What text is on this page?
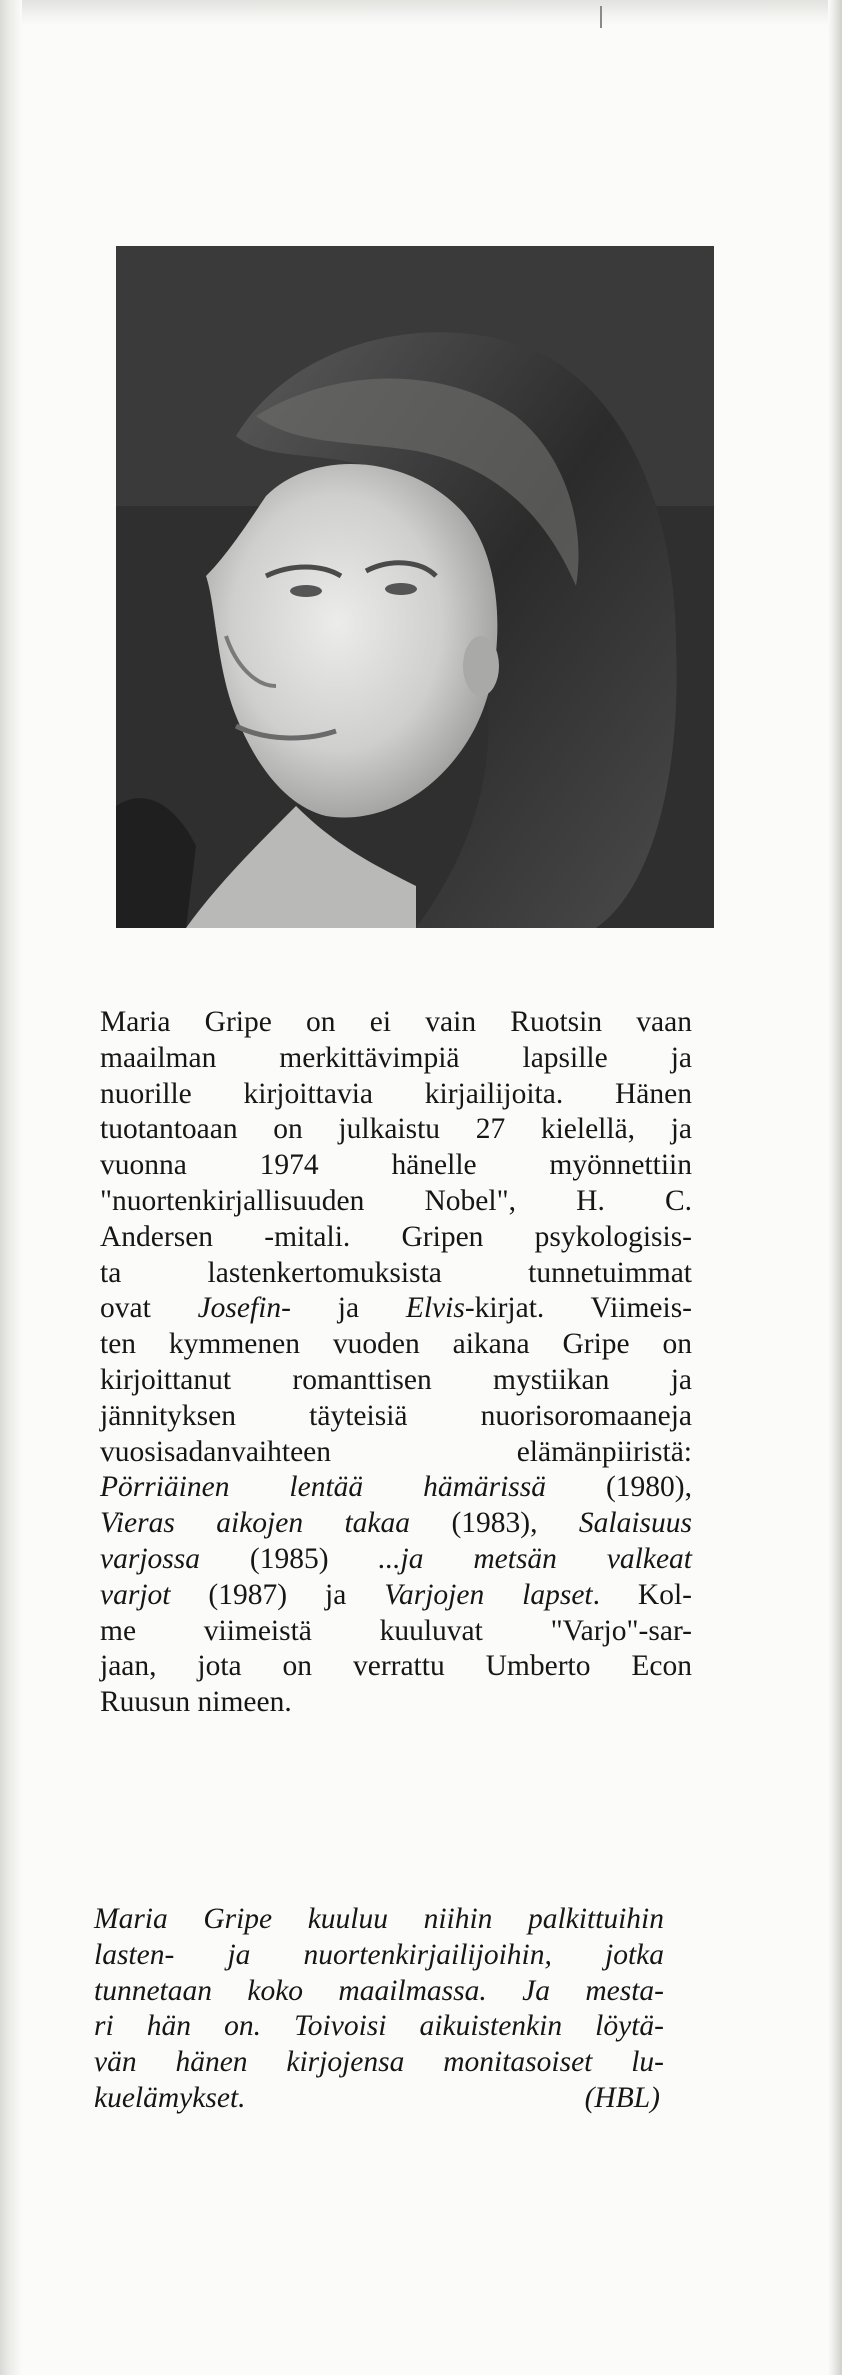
Maria Gripe on ei vain Ruotsin vaan
maailman merkittävimpiä lapsille ja
nuorille kirjoittavia kirjailijoita. Hänen
tuotantoaan on julkaistu 27 kielellä, ja
vuonna 1974 hänelle myönnettiin
"nuortenkirjallisuuden Nobel", H. C.
Andersen -mitali. Gripen psykologisis-
ta lastenkertomuksista tunnetuimmat
ovat Josefin- ja Elvis-kirjat. Viimeis-
ten kymmenen vuoden aikana Gripe on
kirjoittanut romanttisen mystiikan ja
jännityksen täyteisiä nuorisoromaaneja
vuosisadanvaihteen elämänpiiristä:
Pörriäinen lentää hämärissä (1980),
Vieras aikojen takaa (1983), Salaisuus
varjossa (1985) ...ja metsän valkeat
varjot (1987) ja Varjojen lapset. Kol-
me viimeistä kuuluvat "Varjo"-sar-
jaan, jota on verrattu Umberto Econ
Ruusun nimeen.
Maria Gripe kuuluu niihin palkittuihin
lasten- ja nuortenkirjailijoihin, jotka
tunnetaan koko maailmassa. Ja mesta-
ri hän on. Toivoisi aikuistenkin löytä-
vän hänen kirjojensa monitasoiset lu-
kuelämykset.	(HBL)
